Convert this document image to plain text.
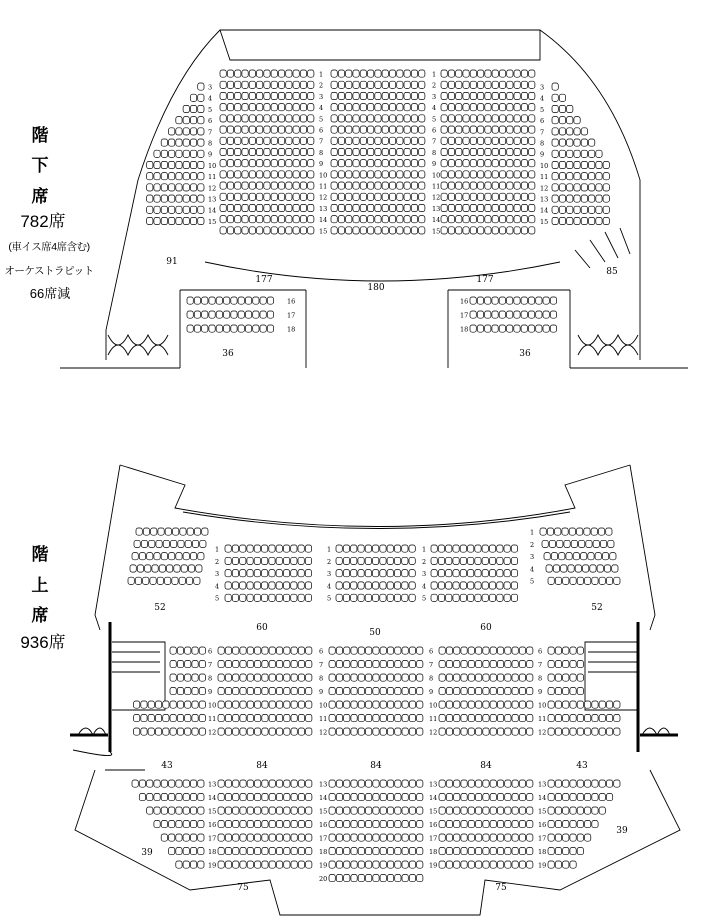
階
下
席
782席
(車イス席4席含む)
オーケストラピット
66席減
階
上
席
936席
1	1
2	2
3	3
4	4
5	5
6	6
7	7
8	8
9	9
10	10
11	11
12	12
13	13
14	14
15	15
3	3
4	4
5	5
6	6
7	7
8	8
9	9
10	10
11	11
12	12
13	13
14	14
15	15
16	16
17	17
18	18
1	1	1
1
2	2	2
2
3	3	3
3
4	4	4
4
5	5	5
5
6	6	6	6
7	7	7	7
8	8	8	8
9	9	9	9
10	10	10	10
11	11	11	11
12	12	12	12
13
13	13
13
14
14	14
14
15
15	15
15
16
16	16
16
17
17	17
17
18
18	18
18
19
19	19
19
20
91
177
180
177
85
36	36
52
60	50	60
52
43	84	84	84	43
39
39
75	75
